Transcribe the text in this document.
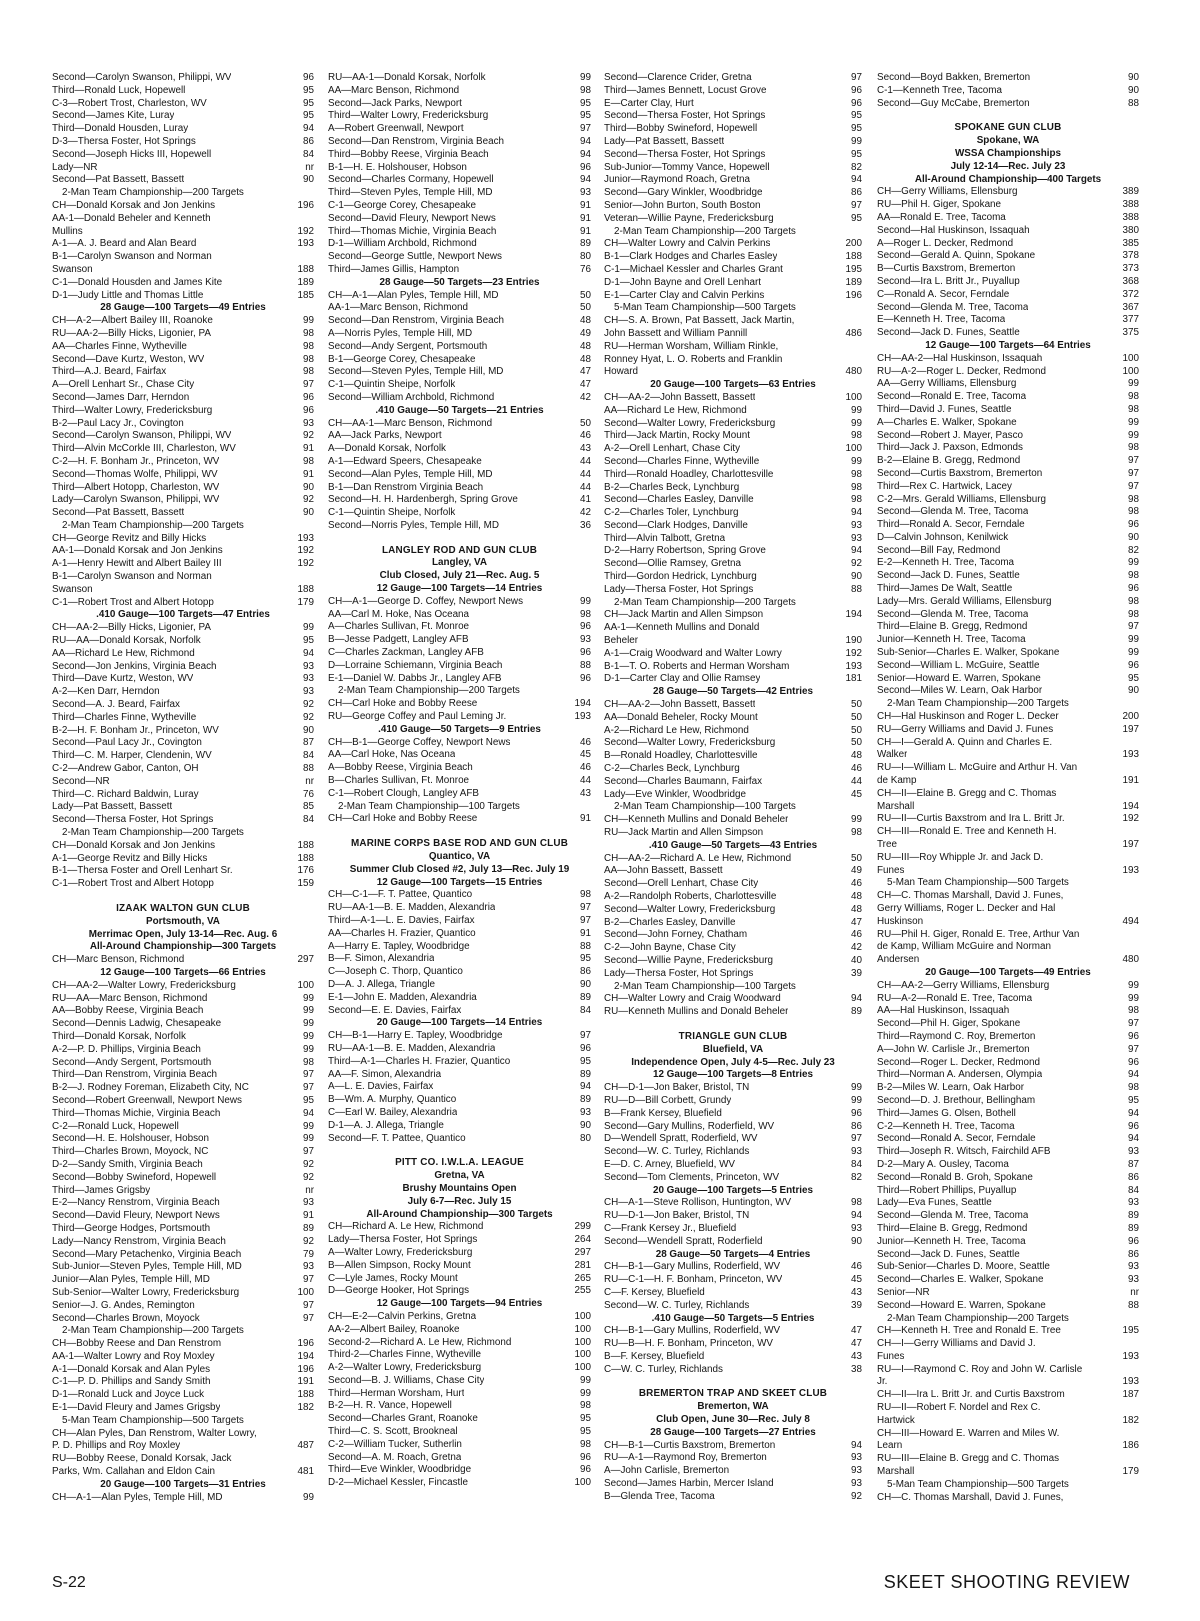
Second—Carolyn Swanson, Philippi, WV	96
Third—Ronald Luck, Hopewell	95
C-3—Robert Trost, Charleston, WV	95
Second—James Kite, Luray	95
Third—Donald Housden, Luray	94
D-3—Thersa Foster, Hot Springs	86
Second—Joseph Hicks III, Hopewell	84
Lady—NR	nr
Second—Pat Bassett, Bassett	90
2-Man Team Championship—200 Targets
CH—Donald Korsak and Jon Jenkins	196
AA-1—Donald Beheler and Kenneth
Mullins	192
A-1—A. J. Beard and Alan Beard	193
B-1—Carolyn Swanson and Norman
Swanson	188
C-1—Donald Housden and James Kite	189
D-1—Judy Little and Thomas Little	185
28 Gauge—100 Targets—49 Entries
CH—A-2—Albert Bailey III, Roanoke	99
RU—AA-2—Billy Hicks, Ligonier, PA	98
AA—Charles Finne, Wytheville	98
Second—Dave Kurtz, Weston, WV	98
Third—A.J. Beard, Fairfax	98
A—Orell Lenhart Sr., Chase City	97
Second—James Darr, Herndon	96
Third—Walter Lowry, Fredericksburg	96
B-2—Paul Lacy Jr., Covington	93
Second—Carolyn Swanson, Philippi, WV	92
Third—Alvin McCorkle III, Charleston, WV	91
C-2—H. F. Bonham Jr., Princeton, WV	98
Second—Thomas Wolfe, Philippi, WV	91
Third—Albert Hotopp, Charleston, WV	90
Lady—Carolyn Swanson, Philippi, WV	92
Second—Pat Bassett, Bassett	90
2-Man Team Championship—200 Targets
CH—George Revitz and Billy Hicks	193
AA-1—Donald Korsak and Jon Jenkins	192
A-1—Henry Hewitt and Albert Bailey III	192
B-1—Carolyn Swanson and Norman
Swanson	188
C-1—Robert Trost and Albert Hotopp	179
.410 Gauge—100 Targets—47 Entries
CH—AA-2—Billy Hicks, Ligonier, PA	99
RU—AA—Donald Korsak, Norfolk	95
AA—Richard Le Hew, Richmond	94
Second—Jon Jenkins, Virginia Beach	93
Third—Dave Kurtz, Weston, WV	93
A-2—Ken Darr, Herndon	93
Second—A. J. Beard, Fairfax	92
Third—Charles Finne, Wytheville	92
B-2—H. F. Bonham Jr., Princeton, WV	90
Second—Paul Lacy Jr., Covington	87
Third—C. M. Harper, Clendenin, WV	84
C-2—Andrew Gabor, Canton, OH	88
Second—NR	nr
Third—C. Richard Baldwin, Luray	76
Lady—Pat Bassett, Bassett	85
Second—Thersa Foster, Hot Springs	84
2-Man Team Championship—200 Targets
CH—Donald Korsak and Jon Jenkins	188
A-1—George Revitz and Billy Hicks	188
B-1—Thersa Foster and Orell Lenhart Sr.	176
C-1—Robert Trost and Albert Hotopp	159
IZAAK WALTON GUN CLUB
Portsmouth, VA
Merrimac Open, July 13-14—Rec. Aug. 6
All-Around Championship—300 Targets
CH—Marc Benson, Richmond	297
12 Gauge—100 Targets—66 Entries
CH—AA-2—Walter Lowry, Fredericksburg	100
RU—AA—Marc Benson, Richmond	99
AA—Bobby Reese, Virginia Beach	99
Second—Dennis Ladwig, Chesapeake	99
Third—Donald Korsak, Norfolk	99
A-2—P. D. Phillips, Virginia Beach	99
Second—Andy Sergent, Portsmouth	98
Third—Dan Renstrom, Virginia Beach	97
B-2—J. Rodney Foreman, Elizabeth City, NC	97
Second—Robert Greenwall, Newport News	95
Third—Thomas Michie, Virginia Beach	94
C-2—Ronald Luck, Hopewell	99
Second—H. E. Holshouser, Hobson	99
Third—Charles Brown, Moyock, NC	97
D-2—Sandy Smith, Virginia Beach	92
Second—Bobby Swineford, Hopewell	92
Third—James Grigsby	nr
E-2—Nancy Renstrom, Virginia Beach	93
Second—David Fleury, Newport News	91
Third—George Hodges, Portsmouth	89
Lady—Nancy Renstrom, Virginia Beach	92
Second—Mary Petachenko, Virginia Beach	79
Sub-Junior—Steven Pyles, Temple Hill, MD	93
Junior—Alan Pyles, Temple Hill, MD	97
Sub-Senior—Walter Lowry, Fredericksburg	100
Senior—J. G. Andes, Remington	97
Second—Charles Brown, Moyock	97
2-Man Team Championship—200 Targets
CH—Bobby Reese and Dan Renstrom	196
AA-1—Walter Lowry and Roy Moxley	194
A-1—Donald Korsak and Alan Pyles	196
C-1—P. D. Phillips and Sandy Smith	191
D-1—Ronald Luck and Joyce Luck	188
E-1—David Fleury and James Grigsby	182
5-Man Team Championship—500 Targets
CH—Alan Pyles, Dan Renstrom, Walter Lowry,
P. D. Phillips and Roy Moxley	487
RU—Bobby Reese, Donald Korsak, Jack
Parks, Wm. Callahan and Eldon Cain	481
20 Gauge—100 Targets—31 Entries
CH—A-1—Alan Pyles, Temple Hill, MD	99
RU—AA-1—Donald Korsak, Norfolk	99
AA—Marc Benson, Richmond	98
Second—Jack Parks, Newport	95
Third—Walter Lowry, Fredericksburg	95
A—Robert Greenwall, Newport	97
Second—Dan Renstrom, Virginia Beach	94
Third—Bobby Reese, Virginia Beach	94
B-1—H. E. Holshouser, Hobson	96
Second—Charles Cormany, Hopewell	94
Third—Steven Pyles, Temple Hill, MD	93
C-1—George Corey, Chesapeake	91
Second—David Fleury, Newport News	91
Third—Thomas Michie, Virginia Beach	91
D-1—William Archbold, Richmond	89
Second—George Suttle, Newport News	80
Third—James Gillis, Hampton	76
28 Gauge—50 Targets—23 Entries
CH—A-1—Alan Pyles, Temple Hill, MD	50
AA-1—Marc Benson, Richmond	50
Second—Dan Renstrom, Virginia Beach	48
A—Norris Pyles, Temple Hill, MD	49
Second—Andy Sergent, Portsmouth	48
B-1—George Corey, Chesapeake	48
Second—Steven Pyles, Temple Hill, MD	47
C-1—Quintin Sheipe, Norfolk	47
Second—William Archbold, Richmond	42
.410 Gauge—50 Targets—21 Entries
CH—AA-1—Marc Benson, Richmond	50
AA—Jack Parks, Newport	46
A—Donald Korsak, Norfolk	43
A-1—Edward Speers, Chesapeake	44
Second—Alan Pyles, Temple Hill, MD	44
B-1—Dan Renstrom Virginia Beach	44
Second—H. H. Hardenbergh, Spring Grove	41
C-1—Quintin Sheipe, Norfolk	42
Second—Norris Pyles, Temple Hill, MD	36
LANGLEY ROD AND GUN CLUB
Langley, VA
Club Closed, July 21—Rec. Aug. 5
12 Gauge—100 Targets—14 Entries
CH—A-1—George D. Coffey, Newport News	99
AA—Carl M. Hoke, Nas Oceana	98
A—Charles Sullivan, Ft. Monroe	96
B—Jesse Padgett, Langley AFB	93
C—Charles Zackman, Langley AFB	96
D—Lorraine Schiemann, Virginia Beach	88
E-1—Daniel W. Dabbs Jr., Langley AFB	96
2-Man Team Championship—200 Targets
CH—Carl Hoke and Bobby Reese	194
RU—George Coffey and Paul Leming Jr.	193
.410 Gauge—50 Targets—9 Entries
CH—B-1—George Coffey, Newport News	46
AA—Carl Hoke, Nas Oceana	45
A—Bobby Reese, Virginia Beach	46
B—Charles Sullivan, Ft. Monroe	44
C-1—Robert Clough, Langley AFB	43
2-Man Team Championship—100 Targets
CH—Carl Hoke and Bobby Reese	91
MARINE CORPS BASE ROD AND GUN CLUB
Quantico, VA
Summer Club Closed #2, July 13—Rec. July 19
12 Gauge—100 Targets—15 Entries
CH—C-1—F. T. Pattee, Quantico	98
RU—AA-1—B. E. Madden, Alexandria	97
Third—A-1—L. E. Davies, Fairfax	97
AA—Charles H. Frazier, Quantico	91
A—Harry E. Tapley, Woodbridge	88
B—F. Simon, Alexandria	95
C—Joseph C. Thorp, Quantico	86
D—A. J. Allega, Triangle	90
E-1—John E. Madden, Alexandria	89
Second—E. E. Davies, Fairfax	84
20 Gauge—100 Targets—14 Entries
CH—B-1—Harry E. Tapley, Woodbridge	97
RU—AA-1—B. E. Madden, Alexandria	96
Third—A-1—Charles H. Frazier, Quantico	95
AA—F. Simon, Alexandria	89
A—L. E. Davies, Fairfax	94
B—Wm. A. Murphy, Quantico	89
C—Earl W. Bailey, Alexandria	93
D-1—A. J. Allega, Triangle	90
Second—F. T. Pattee, Quantico	80
PITT CO. I.W.L.A. LEAGUE
Gretna, VA
Brushy Mountains Open
July 6-7—Rec. July 15
All-Around Championship—300 Targets
CH—Richard A. Le Hew, Richmond	299
Lady—Thersa Foster, Hot Springs	264
A—Walter Lowry, Fredericksburg	297
B—Allen Simpson, Rocky Mount	281
C—Lyle James, Rocky Mount	265
D—George Hooker, Hot Springs	255
12 Gauge—100 Targets—94 Entries
CH—E-2—Calvin Perkins, Gretna	100
AA-2—Albert Bailey, Roanoke	100
Second-2—Richard A. Le Hew, Richmond	100
Third-2—Charles Finne, Wytheville	100
A-2—Walter Lowry, Fredericksburg	100
Second—B. J. Williams, Chase City	99
Third—Herman Worsham, Hurt	99
B-2—H. R. Vance, Hopewell	98
Second—Charles Grant, Roanoke	95
Third—C. S. Scott, Brookneal	95
C-2—William Tucker, Sutherlin	98
Second—A. M. Roach, Gretna	96
Third—Eve Winkler, Woodbridge	96
D-2—Michael Kessler, Fincastle	100
Second—Clarence Crider, Gretna	97
Third—James Bennett, Locust Grove	96
E—Carter Clay, Hurt	96
Second—Thersa Foster, Hot Springs	95
Third—Bobby Swineford, Hopewell	95
Lady—Pat Bassett, Bassett	99
Second—Thersa Foster, Hot Springs	95
Sub-Junior—Tommy Vance, Hopewell	82
Junior—Raymond Roach, Gretna	94
Second—Gary Winkler, Woodbridge	86
Senior—John Burton, South Boston	97
Veteran—Willie Payne, Fredericksburg	95
2-Man Team Championship—200 Targets
CH—Walter Lowry and Calvin Perkins	200
B-1—Clark Hodges and Charles Easley	188
C-1—Michael Kessler and Charles Grant	195
D-1—John Bayne and Orell Lenhart	189
E-1—Carter Clay and Calvin Perkins	196
5-Man Team Championship—500 Targets
CH—S. A. Brown, Pat Bassett, Jack Martin,
John Bassett and William Pannill	486
RU—Herman Worsham, William Rinkle,
Ronney Hyat, L. O. Roberts and Franklin
Howard	480
20 Gauge—100 Targets—63 Entries
CH—AA-2—John Bassett, Bassett	100
AA—Richard Le Hew, Richmond	99
Second—Walter Lowry, Fredericksburg	99
Third—Jack Martin, Rocky Mount	98
A-2—Orell Lenhart, Chase City	100
Second—Charles Finne, Wytheville	99
Third—Ronald Hoadley, Charlottesville	98
B-2—Charles Beck, Lynchburg	98
Second—Charles Easley, Danville	98
C-2—Charles Toler, Lynchburg	94
Second—Clark Hodges, Danville	93
Third—Alvin Talbott, Gretna	93
D-2—Harry Robertson, Spring Grove	94
Second—Ollie Ramsey, Gretna	92
Third—Gordon Hedrick, Lynchburg	90
Lady—Thersa Foster, Hot Springs	88
2-Man Team Championship—200 Targets
CH—Jack Martin and Allen Simpson	194
AA-1—Kenneth Mullins and Donald
Beheler	190
A-1—Craig Woodward and Walter Lowry	192
B-1—T. O. Roberts and Herman Worsham	193
D-1—Carter Clay and Ollie Ramsey	181
28 Gauge—50 Targets—42 Entries
CH—AA-2—John Bassett, Bassett	50
AA—Donald Beheler, Rocky Mount	50
A-2—Richard Le Hew, Richmond	50
Second—Walter Lowry, Fredericksburg	50
B—Ronald Hoadley, Charlottesville	48
C-2—Charles Beck, Lynchburg	46
Second—Charles Baumann, Fairfax	44
Lady—Eve Winkler, Woodbridge	45
2-Man Team Championship—100 Targets
CH—Kenneth Mullins and Donald Beheler	99
RU—Jack Martin and Allen Simpson	98
.410 Gauge—50 Targets—43 Entries
CH—AA-2—Richard A. Le Hew, Richmond	50
AA—John Bassett, Bassett	49
Second—Orell Lenhart, Chase City	46
A-2—Randolph Roberts, Charlottesville	48
Second—Walter Lowry, Fredericksburg	48
B-2—Charles Easley, Danville	47
Second—John Forney, Chatham	46
C-2—John Bayne, Chase City	42
Second—Willie Payne, Fredericksburg	40
Lady—Thersa Foster, Hot Springs	39
2-Man Team Championship—100 Targets
CH—Walter Lowry and Craig Woodward	94
RU—Kenneth Mullins and Donald Beheler	89
TRIANGLE GUN CLUB
Bluefield, VA
Independence Open, July 4-5—Rec. July 23
12 Gauge—100 Targets—8 Entries
CH—D-1—Jon Baker, Bristol, TN	99
RU—D—Bill Corbett, Grundy	99
B—Frank Kersey, Bluefield	96
Second—Gary Mullins, Roderfield, WV	86
D—Wendell Spratt, Roderfield, WV	97
Second—W. C. Turley, Richlands	93
E—D. C. Arney, Bluefield, WV	84
Second—Tom Clements, Princeton, WV	82
20 Gauge—100 Targets—5 Entries
CH—A-1—Steve Rollison, Huntington, WV	98
RU—D-1—Jon Baker, Bristol, TN	94
C—Frank Kersey Jr., Bluefield	93
Second—Wendell Spratt, Roderfield	90
28 Gauge—50 Targets—4 Entries
CH—B-1—Gary Mullins, Roderfield, WV	46
RU—C-1—H. F. Bonham, Princeton, WV	45
C—F. Kersey, Bluefield	43
Second—W. C. Turley, Richlands	39
.410 Gauge—50 Targets—5 Entries
CH—B-1—Gary Mullins, Roderfield, WV	47
RU—B—H. F. Bonham, Princeton, WV	47
B—F. Kersey, Bluefield	43
C—W. C. Turley, Richlands	38
BREMERTON TRAP AND SKEET CLUB
Bremerton, WA
Club Open, June 30—Rec. July 8
28 Gauge—100 Targets—27 Entries
CH—B-1—Curtis Baxstrom, Bremerton	94
RU—A-1—Raymond Roy, Bremerton	93
A—John Carlisle, Bremerton	93
Second—James Harbin, Mercer Island	93
B—Glenda Tree, Tacoma	92
Second—Boyd Bakken, Bremerton	90
C-1—Kenneth Tree, Tacoma	90
Second—Guy McCabe, Bremerton	88
SPOKANE GUN CLUB
Spokane, WA
WSSA Championships
July 12-14—Rec. July 23
All-Around Championship—400 Targets
CH—Gerry Williams, Ellensburg	389
RU—Phil H. Giger, Spokane	388
AA—Ronald E. Tree, Tacoma	388
Second—Hal Huskinson, Issaquah	380
A—Roger L. Decker, Redmond	385
Second—Gerald A. Quinn, Spokane	378
B—Curtis Baxstrom, Bremerton	373
Second—Ira L. Britt Jr., Puyallup	368
C—Ronald A. Secor, Ferndale	372
Second—Glenda M. Tree, Tacoma	367
E—Kenneth H. Tree, Tacoma	377
Second—Jack D. Funes, Seattle	375
12 Gauge—100 Targets—64 Entries
CH—AA-2—Hal Huskinson, Issaquah	100
RU—A-2—Roger L. Decker, Redmond	100
AA—Gerry Williams, Ellensburg	99
Second—Ronald E. Tree, Tacoma	98
Third—David J. Funes, Seattle	98
A—Charles E. Walker, Spokane	99
Second—Robert J. Mayer, Pasco	99
Third—Jack J. Paxson, Edmonds	98
B-2—Elaine B. Gregg, Redmond	97
Second—Curtis Baxstrom, Bremerton	97
Third—Rex C. Hartwick, Lacey	97
C-2—Mrs. Gerald Williams, Ellensburg	98
Second—Glenda M. Tree, Tacoma	98
Third—Ronald A. Secor, Ferndale	96
D—Calvin Johnson, Kenilwick	90
Second—Bill Fay, Redmond	82
E-2—Kenneth H. Tree, Tacoma	99
Second—Jack D. Funes, Seattle	98
Third—James De Walt, Seattle	96
Lady—Mrs. Gerald Williams, Ellensburg	98
Second—Glenda M. Tree, Tacoma	98
Third—Elaine B. Gregg, Redmond	97
Junior—Kenneth H. Tree, Tacoma	99
Sub-Senior—Charles E. Walker, Spokane	99
Second—William L. McGuire, Seattle	96
Senior—Howard E. Warren, Spokane	95
Second—Miles W. Learn, Oak Harbor	90
2-Man Team Championship—200 Targets
CH—Hal Huskinson and Roger L. Decker	200
RU—Gerry Williams and David J. Funes	197
CH—I—Gerald A. Quinn and Charles E.
Walker	193
RU—I—William L. McGuire and Arthur H. Van
de Kamp	191
CH—II—Elaine B. Gregg and C. Thomas
Marshall	194
RU—II—Curtis Baxstrom and Ira L. Britt Jr.	192
CH—III—Ronald E. Tree and Kenneth H.
Tree	197
RU—III—Roy Whipple Jr. and Jack D.
Funes	193
5-Man Team Championship—500 Targets
CH—C. Thomas Marshall, David J. Funes,
Gerry Williams, Roger L. Decker and Hal
Huskinson	494
RU—Phil H. Giger, Ronald E. Tree, Arthur Van
de Kamp, William McGuire and Norman
Andersen	480
20 Gauge—100 Targets—49 Entries
CH—AA-2—Gerry Williams, Ellensburg	99
RU—A-2—Ronald E. Tree, Tacoma	99
AA—Hal Huskinson, Issaquah	98
Second—Phil H. Giger, Spokane	97
Third—Raymond C. Roy, Bremerton	96
A—John W. Carlisle Jr., Bremerton	97
Second—Roger L. Decker, Redmond	96
Third—Norman A. Andersen, Olympia	94
B-2—Miles W. Learn, Oak Harbor	98
Second—D. J. Brethour, Bellingham	95
Third—James G. Olsen, Bothell	94
C-2—Kenneth H. Tree, Tacoma	96
Second—Ronald A. Secor, Ferndale	94
Third—Joseph R. Witsch, Fairchild AFB	93
D-2—Mary A. Ousley, Tacoma	87
Second—Ronald B. Groh, Spokane	86
Third—Robert Phillips, Puyallup	84
Lady—Eva Funes, Seattle	93
Second—Glenda M. Tree, Tacoma	89
Third—Elaine B. Gregg, Redmond	89
Junior—Kenneth H. Tree, Tacoma	96
Second—Jack D. Funes, Seattle	86
Sub-Senior—Charles D. Moore, Seattle	93
Second—Charles E. Walker, Spokane	93
Senior—NR	nr
Second—Howard E. Warren, Spokane	88
2-Man Team Championship—200 Targets
CH—Kenneth H. Tree and Ronald E. Tree	195
CH—I—Gerry Williams and David J.
Funes	193
RU—I—Raymond C. Roy and John W. Carlisle
Jr.	193
CH—II—Ira L. Britt Jr. and Curtis Baxstrom	187
RU—II—Robert F. Nordel and Rex C.
Hartwick	182
CH—III—Howard E. Warren and Miles W.
Learn	186
RU—III—Elaine B. Gregg and C. Thomas
Marshall	179
5-Man Team Championship—500 Targets
CH—C. Thomas Marshall, David J. Funes,
S-22	SKEET SHOOTING REVIEW
